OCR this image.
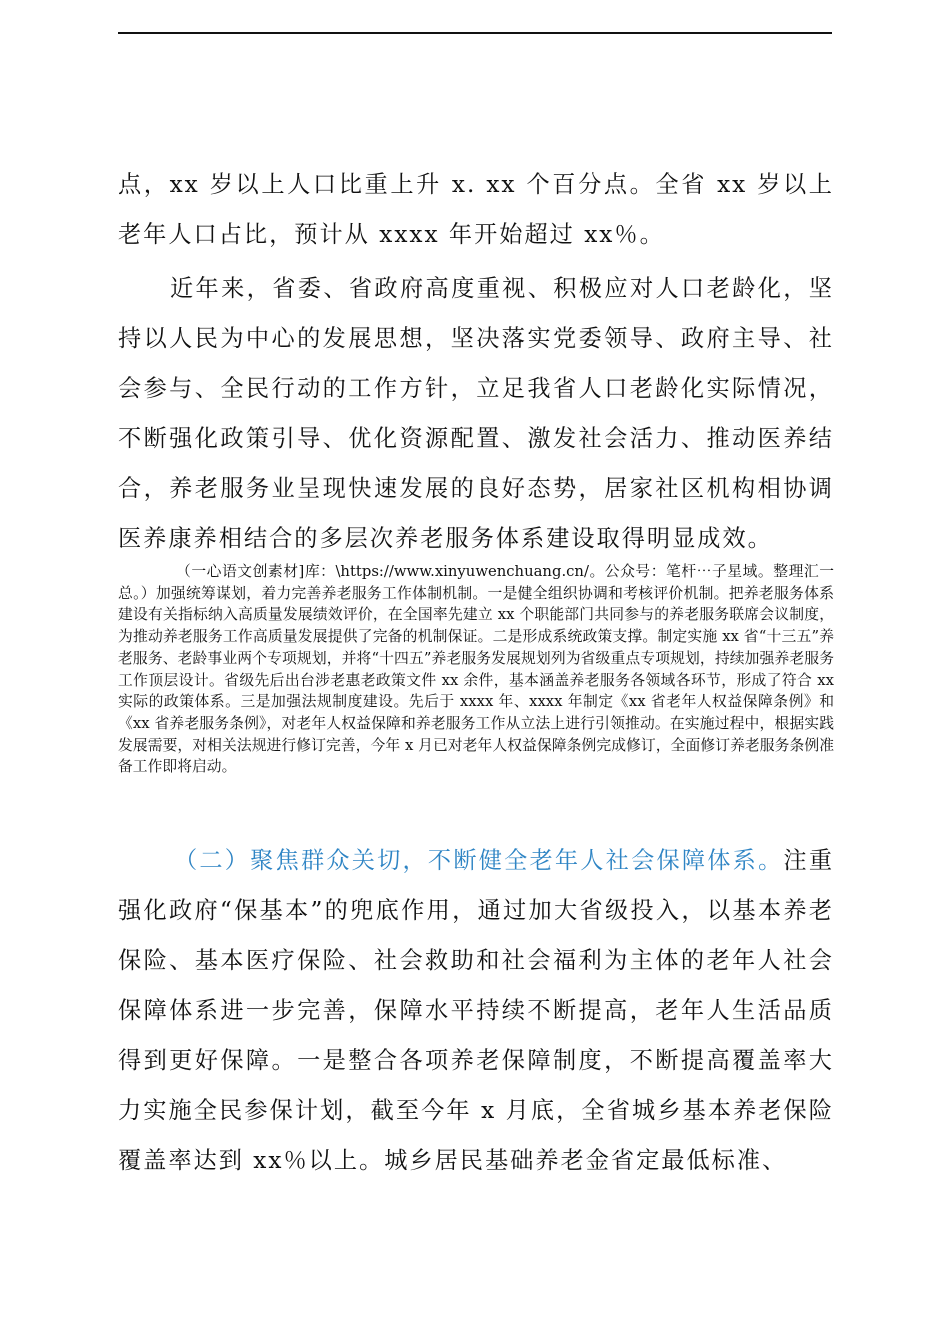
点，xx 岁以上人口比重上升 x. xx 个百分点。全省 xx 岁以上老年人口占比，预计从 xxxx 年开始超过 xx％。

近年来，省委、省政府高度重视、积极应对人口老龄化，坚持以人民为中心的发展思想，坚决落实党委领导、政府主导、社会参与、全民行动的工作方针，立足我省人口老龄化实际情况，不断强化政策引导、优化资源配置、激发社会活力、推动医养结合，养老服务业呈现快速发展的良好态势，居家社区机构相协调医养康养相结合的多层次养老服务体系建设取得明显成效。

（一心语文创素材]库：\https://www.xinyuwenchuang.cn/。公众号：笔杆⋯子星域。整理汇一总。）加强统筹谋划，着力完善养老服务工作体制机制。一是健全组织协调和考核评价机制。把养老服务体系建设有关指标纳入高质量发展绩效评价，在全国率先建立 xx 个职能部门共同参与的养老服务联席会议制度，为推动养老服务工作高质量发展提供了完备的机制保证。二是形成系统政策支撑。制定实施 xx 省“十三五”养老服务、老龄事业两个专项规划，并将“十四五”养老服务发展规划列为省级重点专项规划，持续加强养老服务工作顶层设计。省级先后出台涉老惠老政策文件 xx 余件，基本涵盖养老服务各领域各环节，形成了符合 xx 实际的政策体系。三是加强法规制度建设。先后于 xxxx 年、xxxx 年制定《xx 省老年人权益保障条例》和《xx 省养老服务条例》，对老年人权益保障和养老服务工作从立法上进行引领推动。在实施过程中，根据实践发展需要，对相关法规进行修订完善，今年 x 月已对老年人权益保障条例完成修订，全面修订养老服务条例准备工作即将启动。

（二）聚焦群众关切，不断健全老年人社会保障体系。注重强化政府“保基本”的兜底作用，通过加大省级投入，以基本养老保险、基本医疗保险、社会救助和社会福利为主体的老年人社会保障体系进一步完善，保障水平持续不断提高，老年人生活品质得到更好保障。一是整合各项养老保障制度，不断提高覆盖率大力实施全民参保计划，截至今年 x 月底，全省城乡基本养老保险覆盖率达到 xx％以上。城乡居民基础养老金省定最低标准、
